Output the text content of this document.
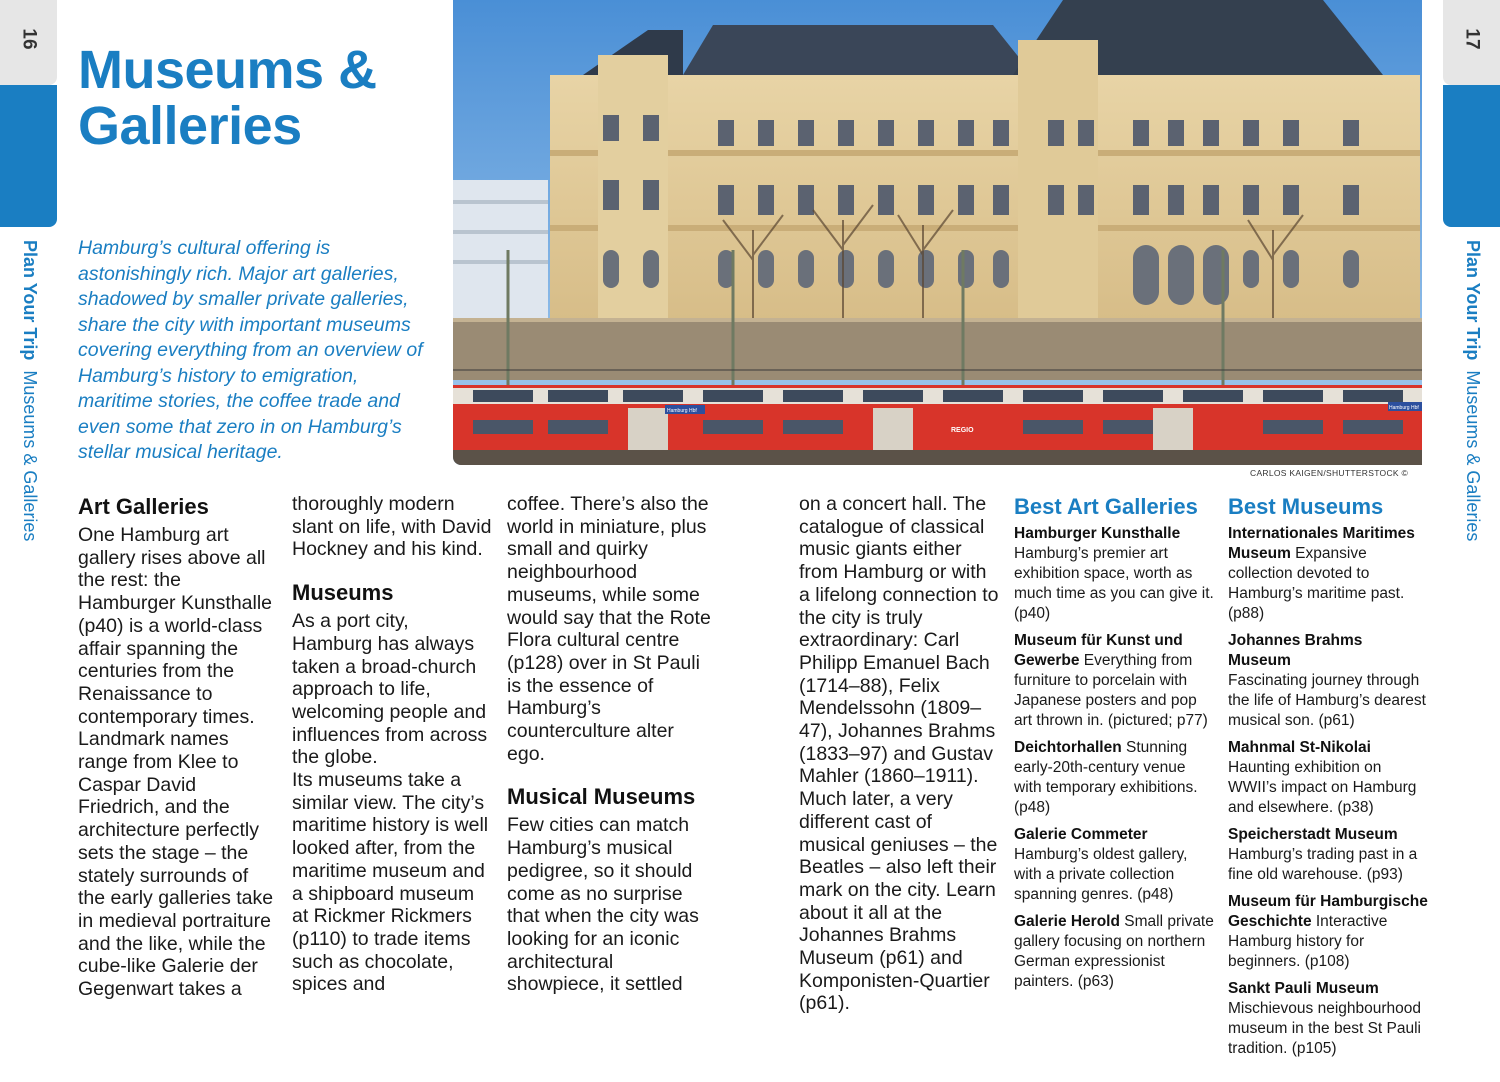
16
Plan Your Trip  Museums & Galleries
17
Plan Your Trip  Museums & Galleries
Museums & Galleries

Hamburg’s cultural offering is astonishingly rich. Major art galleries, shadowed by smaller private galleries, share the city with important museums covering everything from an overview of Hamburg’s history to emigration, maritime stories, the coffee trade and even some that zero in on Hamburg’s stellar musical heritage.

Hamburg Hbf	Hamburg Hbf
REGIO
CARLOS KAIGEN/SHUTTERSTOCK ©
Art Galleries
One Hamburg art gallery rises above all the rest: the Hamburger Kunsthalle (p40) is a world-class affair spanning the centuries from the Renaissance to contemporary times. Landmark names range from Klee to Caspar David Friedrich, and the architecture perfectly sets the stage – the stately surrounds of the early galleries take in medieval portraiture and the like, while the cube-like Galerie der Gegenwart takes a
thoroughly modern slant on life, with David Hockney and his kind.
Museums
As a port city, Hamburg has always taken a broad-church approach to life, welcoming people and influences from across the globe.
Its museums take a similar view. The city’s maritime history is well looked after, from the maritime museum and a shipboard museum at Rickmer Rickmers (p110) to trade items such as chocolate, spices and
coffee. There’s also the world in miniature, plus small and quirky neighbourhood museums, while some would say that the Rote Flora cultural centre (p128) over in St Pauli is the essence of Hamburg’s counterculture alter ego.
Musical Museums
Few cities can match Hamburg’s musical pedigree, so it should come as no surprise that when the city was looking for an iconic architectural showpiece, it settled
on a concert hall. The catalogue of classical music giants either from Hamburg or with a lifelong connection to the city is truly extraordinary: Carl Philipp Emanuel Bach (1714–88), Felix Mendelssohn (1809–47), Johannes Brahms (1833–97) and Gustav Mahler (1860–1911). Much later, a very different cast of musical geniuses – the Beatles – also left their mark on the city. Learn about it all at the Johannes Brahms Museum (p61) and Komponisten-Quartier (p61).
Best Art Galleries
Hamburger Kunsthalle
Hamburg’s premier art exhibition space, worth as much time as you can give it. (p40)
Museum für Kunst und Gewerbe Everything from furniture to porcelain with Japanese posters and pop art thrown in. (pictured; p77)
Deichtorhallen Stunning early-20th-century venue with temporary exhibitions. (p48)
Galerie Commeter Hamburg’s oldest gallery, with a private collection spanning genres. (p48)
Galerie Herold Small private gallery focusing on northern German expressionist painters. (p63)
Best Museums
Internationales Maritimes Museum Expansive collection devoted to Hamburg’s maritime past. (p88)
Johannes Brahms Museum
Fascinating journey through the life of Hamburg’s dearest musical son. (p61)
Mahnmal St-Nikolai Haunting exhibition on WWII’s impact on Hamburg and elsewhere. (p38)
Speicherstadt Museum
Hamburg’s trading past in a fine old warehouse. (p93)
Museum für Hamburgische Geschichte Interactive Hamburg history for beginners. (p108)
Sankt Pauli Museum
Mischievous neighbourhood museum in the best St Pauli tradition. (p105)
